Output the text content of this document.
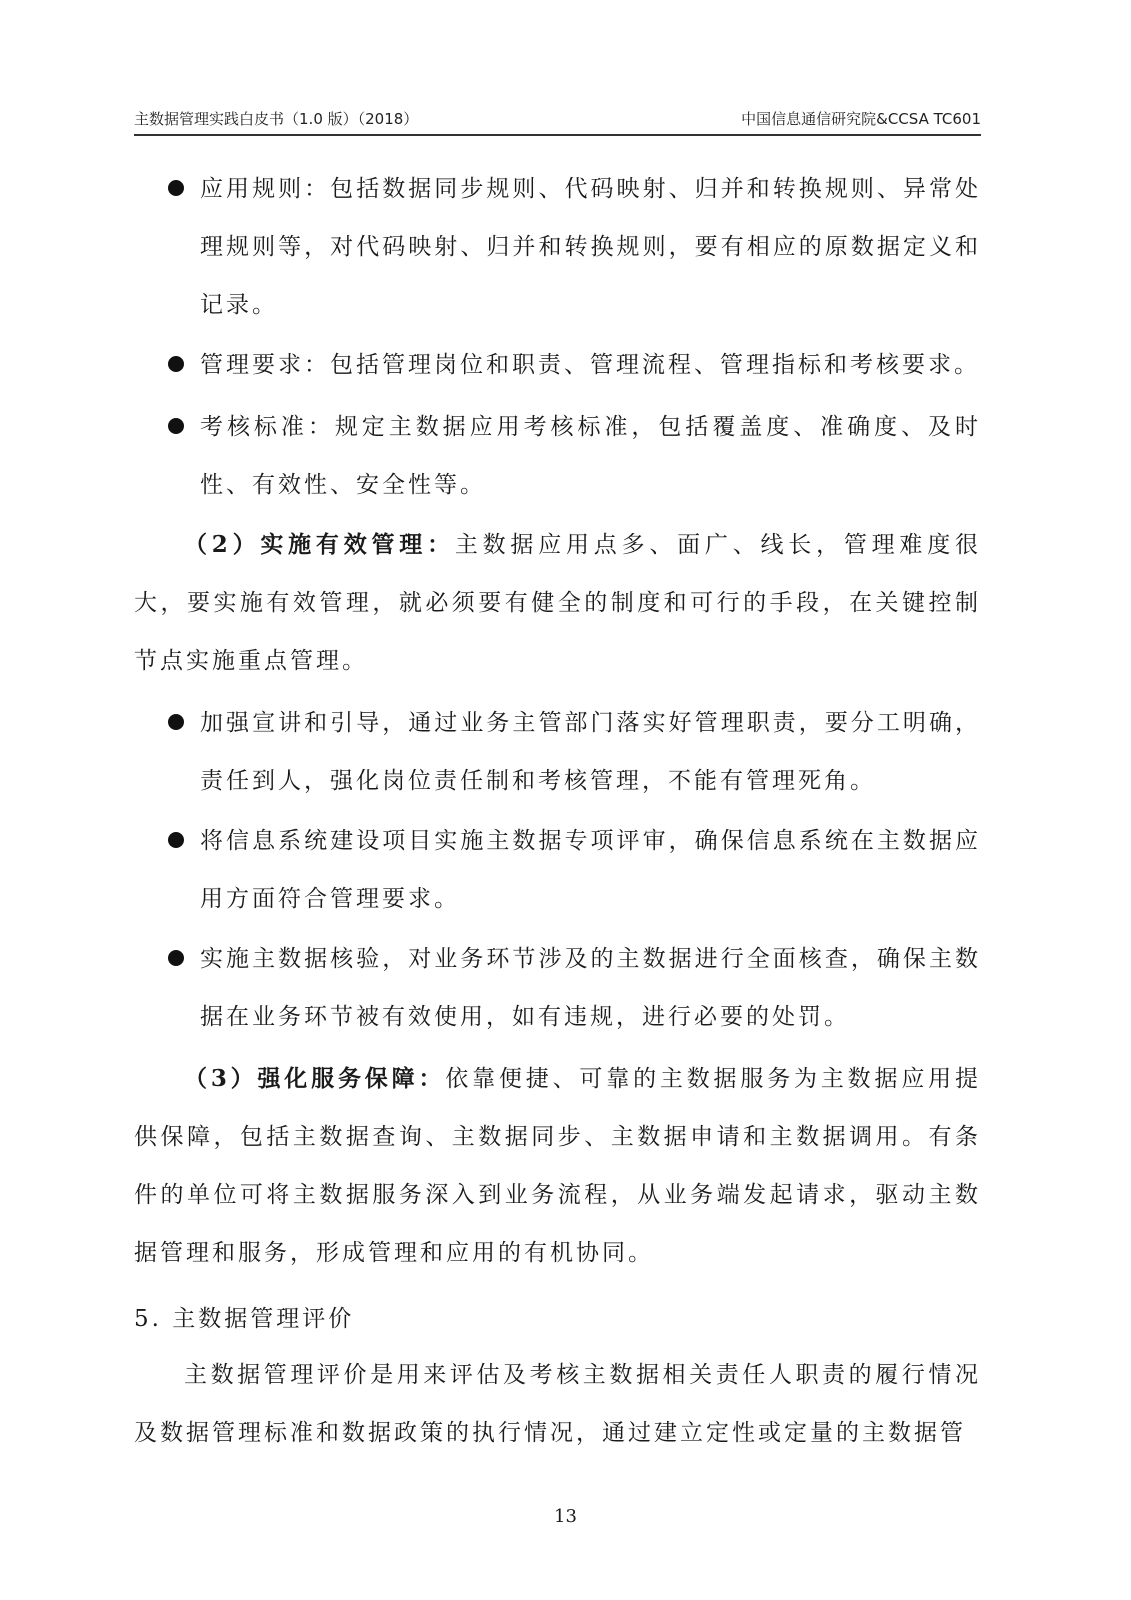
主数据管理实践白皮书（1.0 版）（2018）	中国信息通信研究院&CCSA TC601
应用规则：包括数据同步规则、代码映射、归并和转换规则、异常处理规则等，对代码映射、归并和转换规则，要有相应的原数据定义和记录。
管理要求：包括管理岗位和职责、管理流程、管理指标和考核要求。
考核标准：规定主数据应用考核标准，包括覆盖度、准确度、及时性、有效性、安全性等。
（2）实施有效管理：主数据应用点多、面广、线长，管理难度很大，要实施有效管理，就必须要有健全的制度和可行的手段，在关键控制节点实施重点管理。
加强宣讲和引导，通过业务主管部门落实好管理职责，要分工明确，责任到人，强化岗位责任制和考核管理，不能有管理死角。
将信息系统建设项目实施主数据专项评审，确保信息系统在主数据应用方面符合管理要求。
实施主数据核验，对业务环节涉及的主数据进行全面核查，确保主数据在业务环节被有效使用，如有违规，进行必要的处罚。
（3）强化服务保障：依靠便捷、可靠的主数据服务为主数据应用提供保障，包括主数据查询、主数据同步、主数据申请和主数据调用。有条件的单位可将主数据服务深入到业务流程，从业务端发起请求，驱动主数据管理和服务，形成管理和应用的有机协同。
5. 主数据管理评价
主数据管理评价是用来评估及考核主数据相关责任人职责的履行情况及数据管理标准和数据政策的执行情况，通过建立定性或定量的主数据管
13
